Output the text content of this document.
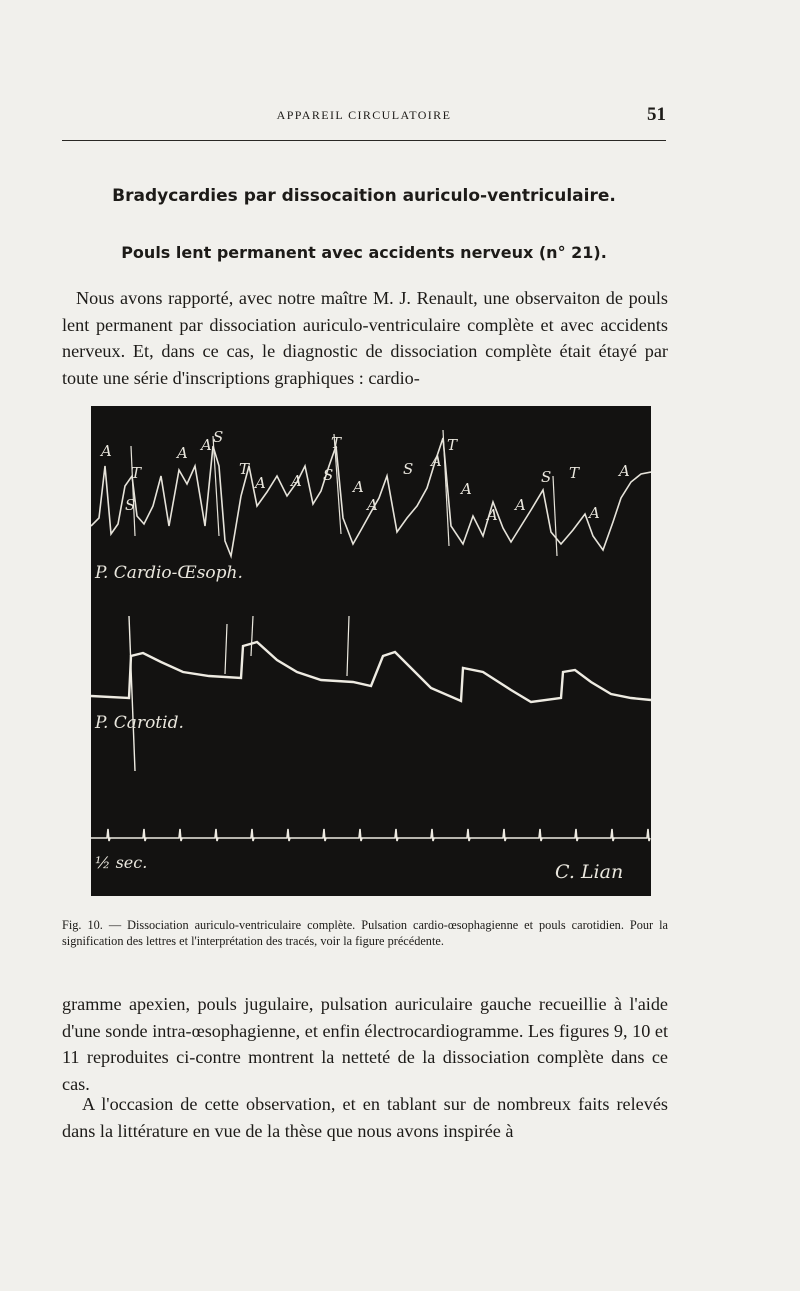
APPAREIL CIRCULATOIRE	51
Bradycardies par dissocaition auriculo-ventriculaire.
Pouls lent permanent avec accidents nerveux (n° 21).

Nous avons rapporté, avec notre maître M. J. Renault, une observaiton de pouls lent permanent par dissociation auriculo-ventriculaire complète et avec accidents nerveux. Et, dans ce cas, le diagnostic de dissociation complète était étayé par toute une série d'inscriptions graphiques : cardio-

A
S
T
A A S
T
A A S
T
A
A
S A
T
A
A
A
S T
A
A
P. Cardio-Œsoph.
P. Carotid.
½ sec.	C. Lian
Fig. 10. — Dissociation auriculo-ventriculaire complète. Pulsation cardio-œsophagienne et pouls carotidien. Pour la signification des lettres et l'interprétation des tracés, voir la figure précédente.

gramme apexien, pouls jugulaire, pulsation auriculaire gauche recueillie à l'aide d'une sonde intra-œsophagienne, et enfin électrocardiogramme. Les figures 9, 10 et 11 reproduites ci-contre montrent la netteté de la dissociation complète dans ce cas.

A l'occasion de cette observation, et en tablant sur de nombreux faits relevés dans la littérature en vue de la thèse que nous avons inspirée à
